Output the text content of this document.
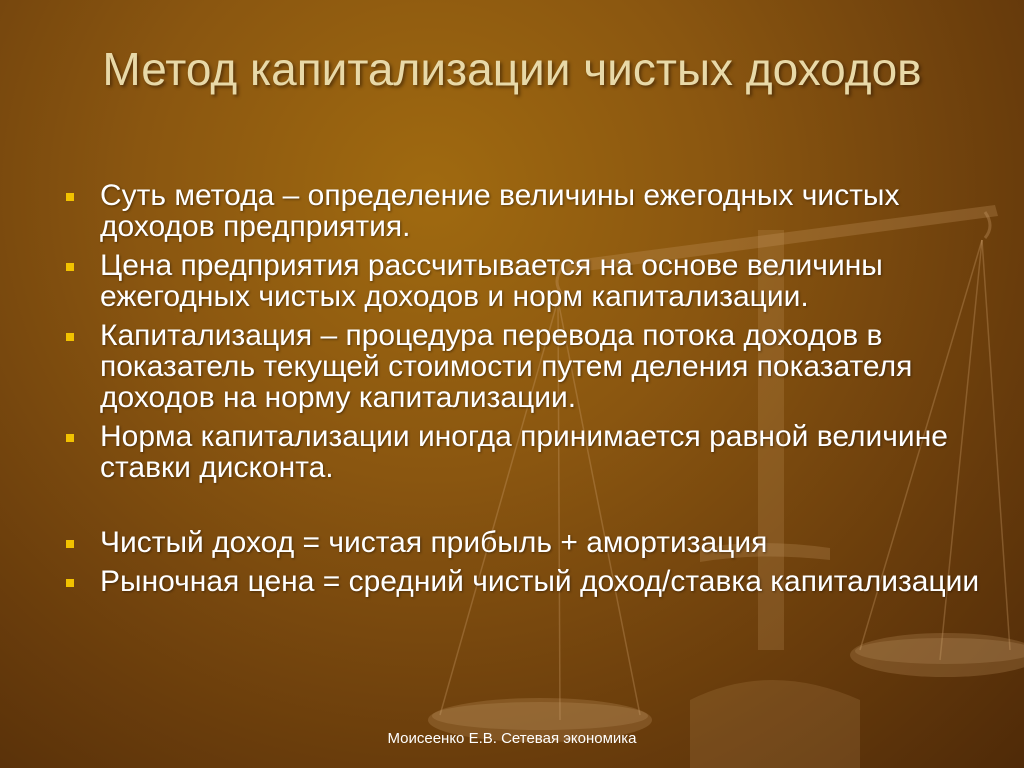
Метод капитализации чистых доходов
Суть метода – определение величины ежегодных чистых доходов предприятия.
Цена предприятия рассчитывается на основе величины ежегодных чистых доходов и норм капитализации.
Капитализация – процедура перевода потока доходов в показатель текущей стоимости путем деления показателя доходов на норму капитализации.
Норма капитализации иногда принимается равной величине ставки дисконта.
Чистый доход = чистая прибыль + амортизация
Рыночная цена = средний чистый доход/ставка капитализации
Моисеенко Е.В. Сетевая экономика
